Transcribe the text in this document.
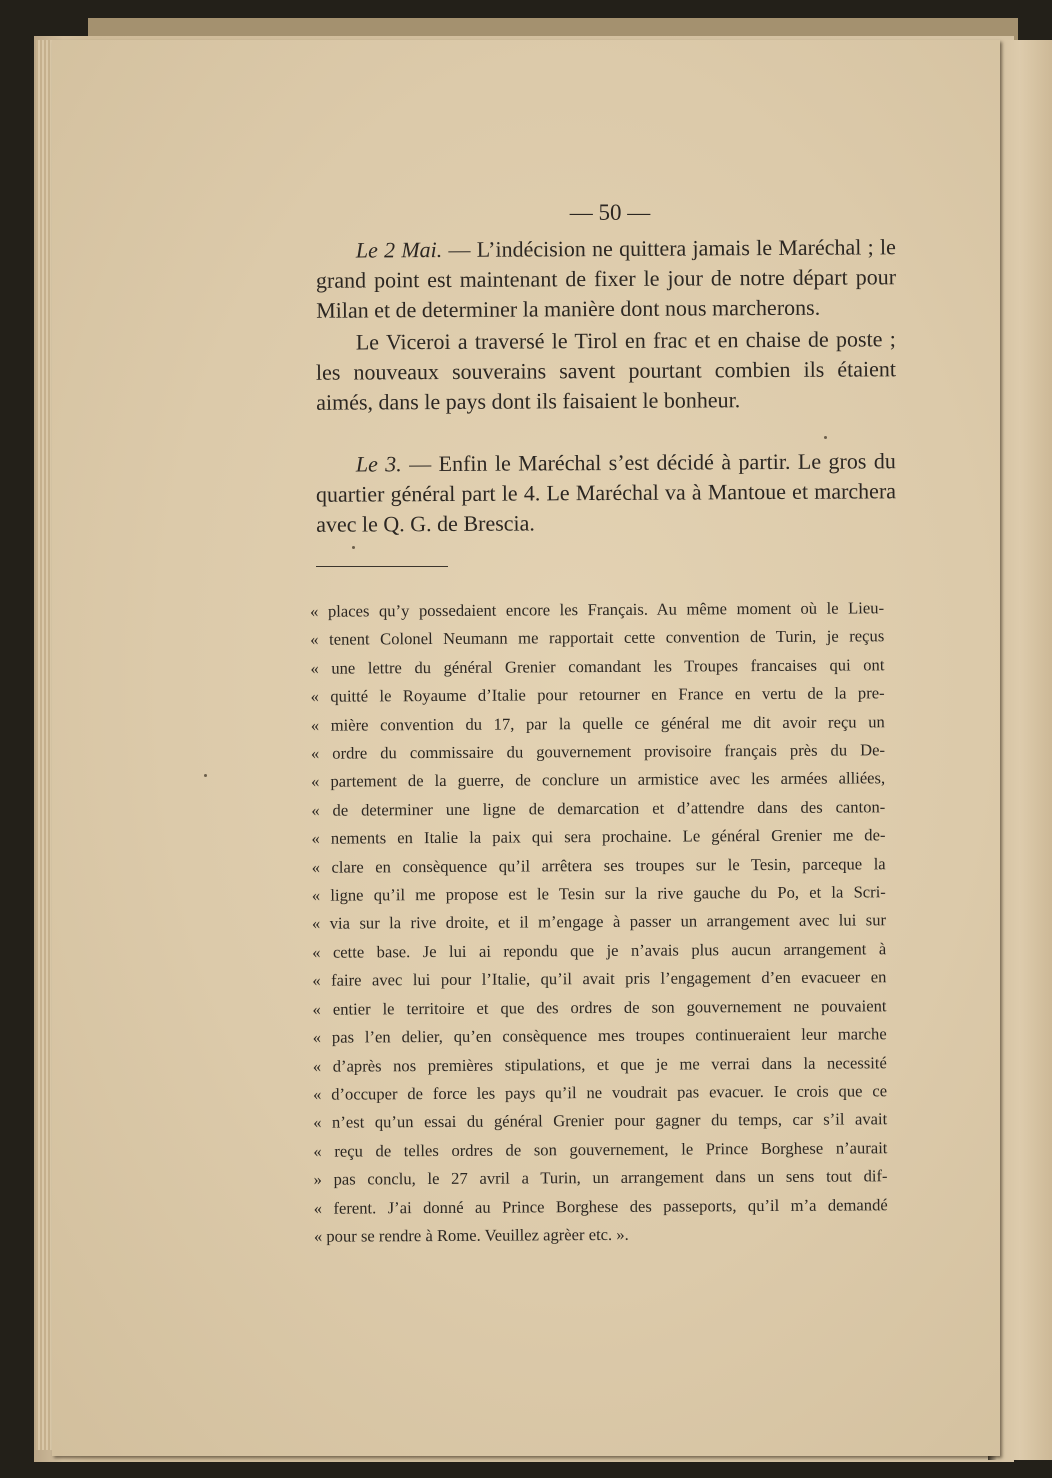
— 50 —

Le 2 Mai. — L’indécision ne quittera jamais le Maréchal ; le grand point est maintenant de fixer le jour de notre départ pour Milan et de determiner la manière dont nous marcherons.

Le Viceroi a traversé le Tirol en frac et en chaise de poste ; les nouveaux souverains savent pourtant combien ils étaient aimés, dans le pays dont ils faisaient le bonheur.

Le 3. — Enfin le Maréchal s’est décidé à partir. Le gros du quartier général part le 4. Le Maréchal va à Mantoue et marchera avec le Q. G. de Brescia.

« places qu’y possedaient encore les Français. Au même moment où le Lieu-
« tenent Colonel Neumann me rapportait cette convention de Turin, je reçus
« une lettre du général Grenier comandant les Troupes francaises qui ont
« quitté le Royaume d’Italie pour retourner en France en vertu de la pre-
« mière convention du 17, par la quelle ce général me dit avoir reçu un
« ordre du commissaire du gouvernement provisoire français près du De-
« partement de la guerre, de conclure un armistice avec les armées alliées,
« de determiner une ligne de demarcation et d’attendre dans des canton-
« nements en Italie la paix qui sera prochaine. Le général Grenier me de-
« clare en consèquence qu’il arrêtera ses troupes sur le Tesin, parceque la
« ligne qu’il me propose est le Tesin sur la rive gauche du Po, et la Scri-
« via sur la rive droite, et il m’engage à passer un arrangement avec lui sur
« cette base. Je lui ai repondu que je n’avais plus aucun arrangement à
« faire avec lui pour l’Italie, qu’il avait pris l’engagement d’en evacueer en
« entier le territoire et que des ordres de son gouvernement ne pouvaient
« pas l’en delier, qu’en consèquence mes troupes continueraient leur marche
« d’après nos premières stipulations, et que je me verrai dans la necessité
« d’occuper de force les pays qu’il ne voudrait pas evacuer. Ie crois que ce
« n’est qu’un essai du général Grenier pour gagner du temps, car s’il avait
« reçu de telles ordres de son gouvernement, le Prince Borghese n’aurait
» pas conclu, le 27 avril a Turin, un arrangement dans un sens tout dif-
« ferent. J’ai donné au Prince Borghese des passeports, qu’il m’a demandé
« pour se rendre à Rome. Veuillez agrèer etc. ».
